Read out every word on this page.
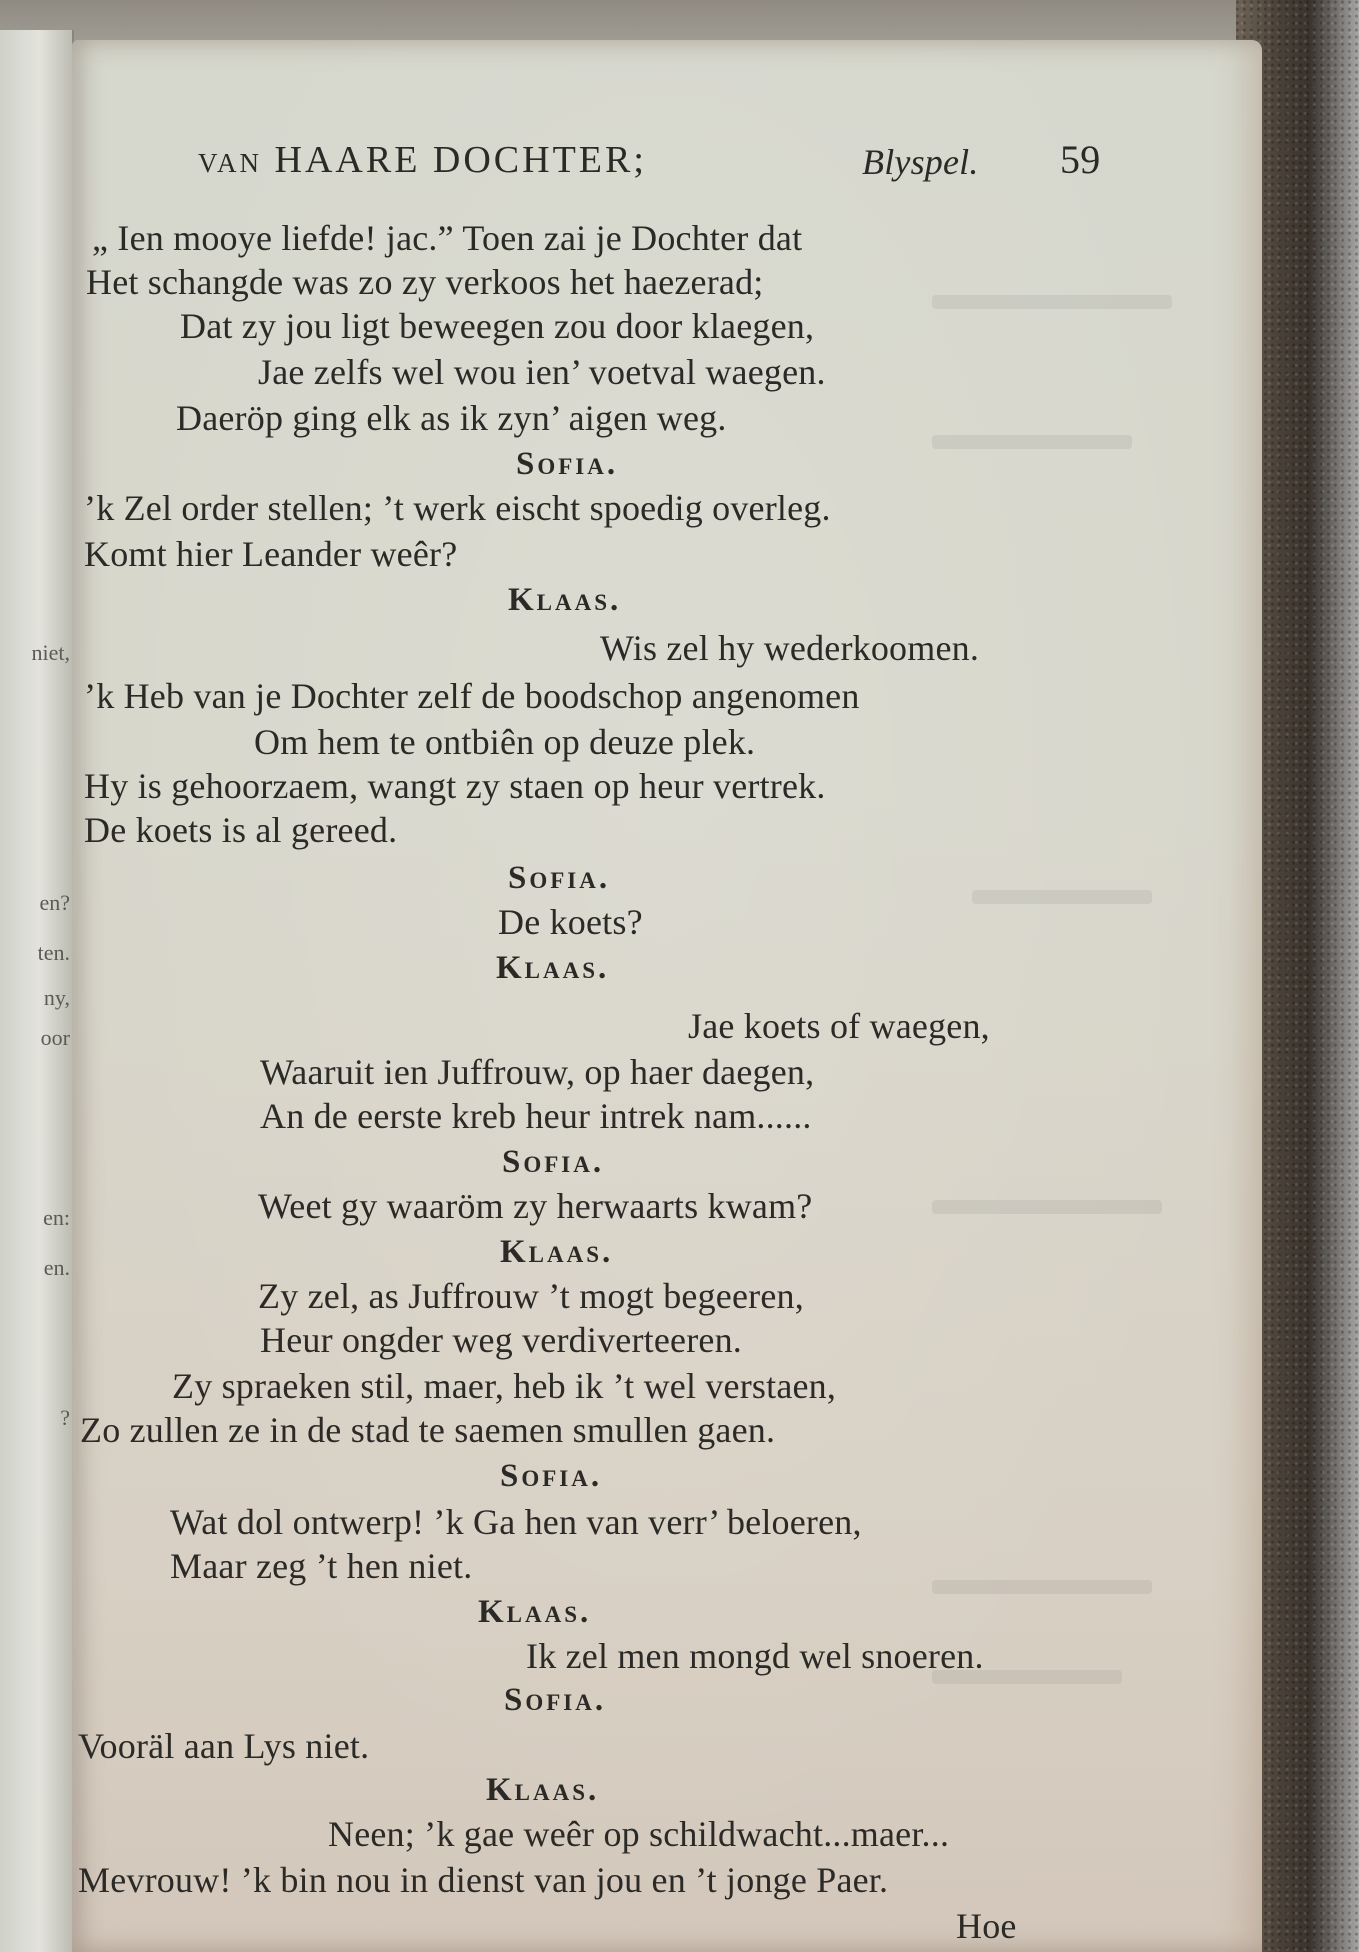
niet,
en?
ten.
ny,
oor
en:
en.
?
van HAARE DOCHTER;	Blyspel. 59
„ Ien mooye liefde! jac.” Toen zai je Dochter dat
Het schangde was zo zy verkoos het haezerad;
Dat zy jou ligt beweegen zou door klaegen,
Jae zelfs wel wou ien’ voetval waegen.
Daeröp ging elk as ik zyn’ aigen weg.
Sofia.
’k Zel order stellen; ’t werk eischt spoedig overleg.
Komt hier Leander weêr?
Klaas.
Wis zel hy wederkoomen.
’k Heb van je Dochter zelf de boodschop angenomen
Om hem te ontbiên op deuze plek.
Hy is gehoorzaem, wangt zy staen op heur vertrek.
De koets is al gereed.
Sofia.
De koets?
Klaas.
Jae koets of waegen,
Waaruit ien Juffrouw, op haer daegen,
An de eerste kreb heur intrek nam......
Sofia.
Weet gy waaröm zy herwaarts kwam?
Klaas.
Zy zel, as Juffrouw ’t mogt begeeren,
Heur ongder weg verdiverteeren.
Zy spraeken stil, maer, heb ik ’t wel verstaen,
Zo zullen ze in de stad te saemen smullen gaen.
Sofia.
Wat dol ontwerp! ’k Ga hen van verr’ beloeren,
Maar zeg ’t hen niet.
Klaas.
Ik zel men mongd wel snoeren.
Sofia.
Vooräl aan Lys niet.
Klaas.
Neen; ’k gae weêr op schildwacht...maer...
Mevrouw! ’k bin nou in dienst van jou en ’t jonge Paer.
Hoe
